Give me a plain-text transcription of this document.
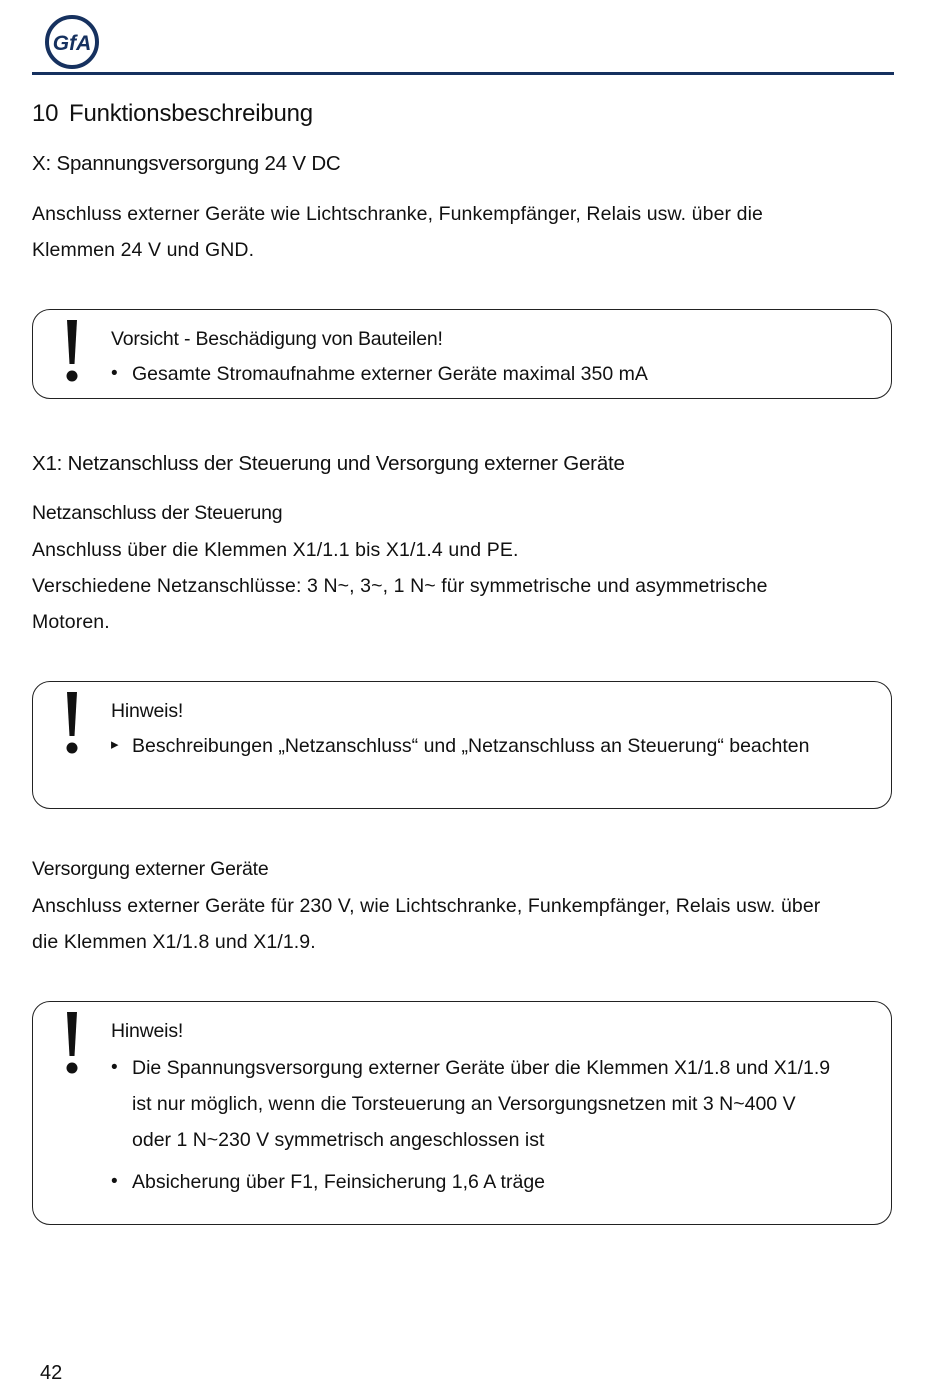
GfA
10 Funktionsbeschreibung
X: Spannungsversorgung 24 V DC

Anschluss externer Geräte wie Lichtschranke, Funkempfänger, Relais usw. über die
Klemmen 24 V und GND.

Vorsicht - Beschädigung von Bauteilen!
• Gesamte Stromaufnahme externer Geräte maximal 350 mA
X1: Netzanschluss der Steuerung und Versorgung externer Geräte
Netzanschluss der Steuerung

Anschluss über die Klemmen X1/1.1 bis X1/1.4 und PE.
Verschiedene Netzanschlüsse: 3 N~, 3~, 1 N~ für symmetrische und asymmetrische
Motoren.

Hinweis!
▸ Beschreibungen „Netzanschluss“ und „Netzanschluss an Steuerung“ beachten
Versorgung externer Geräte

Anschluss externer Geräte für 230 V, wie Lichtschranke, Funkempfänger, Relais usw. über
die Klemmen X1/1.8 und X1/1.9.

Hinweis!
• Die Spannungsversorgung externer Geräte über die Klemmen X1/1.8 und X1/1.9
ist nur möglich, wenn die Torsteuerung an Versorgungsnetzen mit 3 N~400 V
oder 1 N~230 V symmetrisch angeschlossen ist
• Absicherung über F1, Feinsicherung 1,6 A träge
42
